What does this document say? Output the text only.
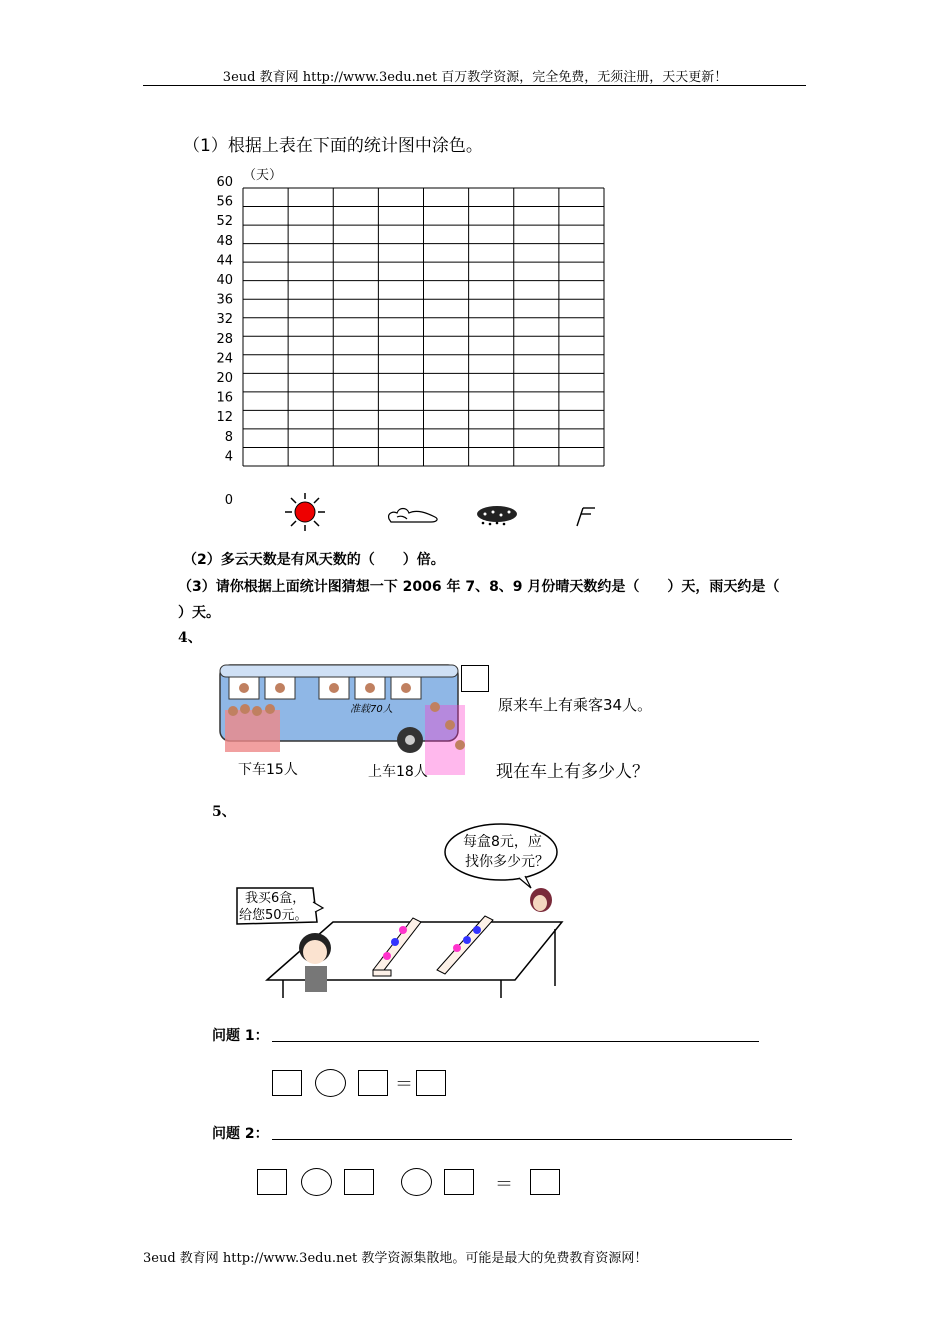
3eud 教育网 http://www.3edu.net 百万教学资源，完全免费，无须注册，天天更新！
（1）根据上表在下面的统计图中涂色。
60
56
52
48
44
40
36
32
28
24
20
16
12
8
4
0
（天）
（2）多云天数是有风天数的（　　）倍。
（3）请你根据上面统计图猜想一下 2006 年 7、8、9 月份晴天数约是（　　）天，雨天约是（
）天。
4、
准载70人	原来车上有乘客34人。
下车15人	上车18人	现在车上有多少人？
5、
每盒8元，应
找你多少元？
我买6盒，
给您50元。
问题 1：
＝
问题 2：
＝
3eud 教育网 http://www.3edu.net 教学资源集散地。可能是最大的免费教育资源网！
